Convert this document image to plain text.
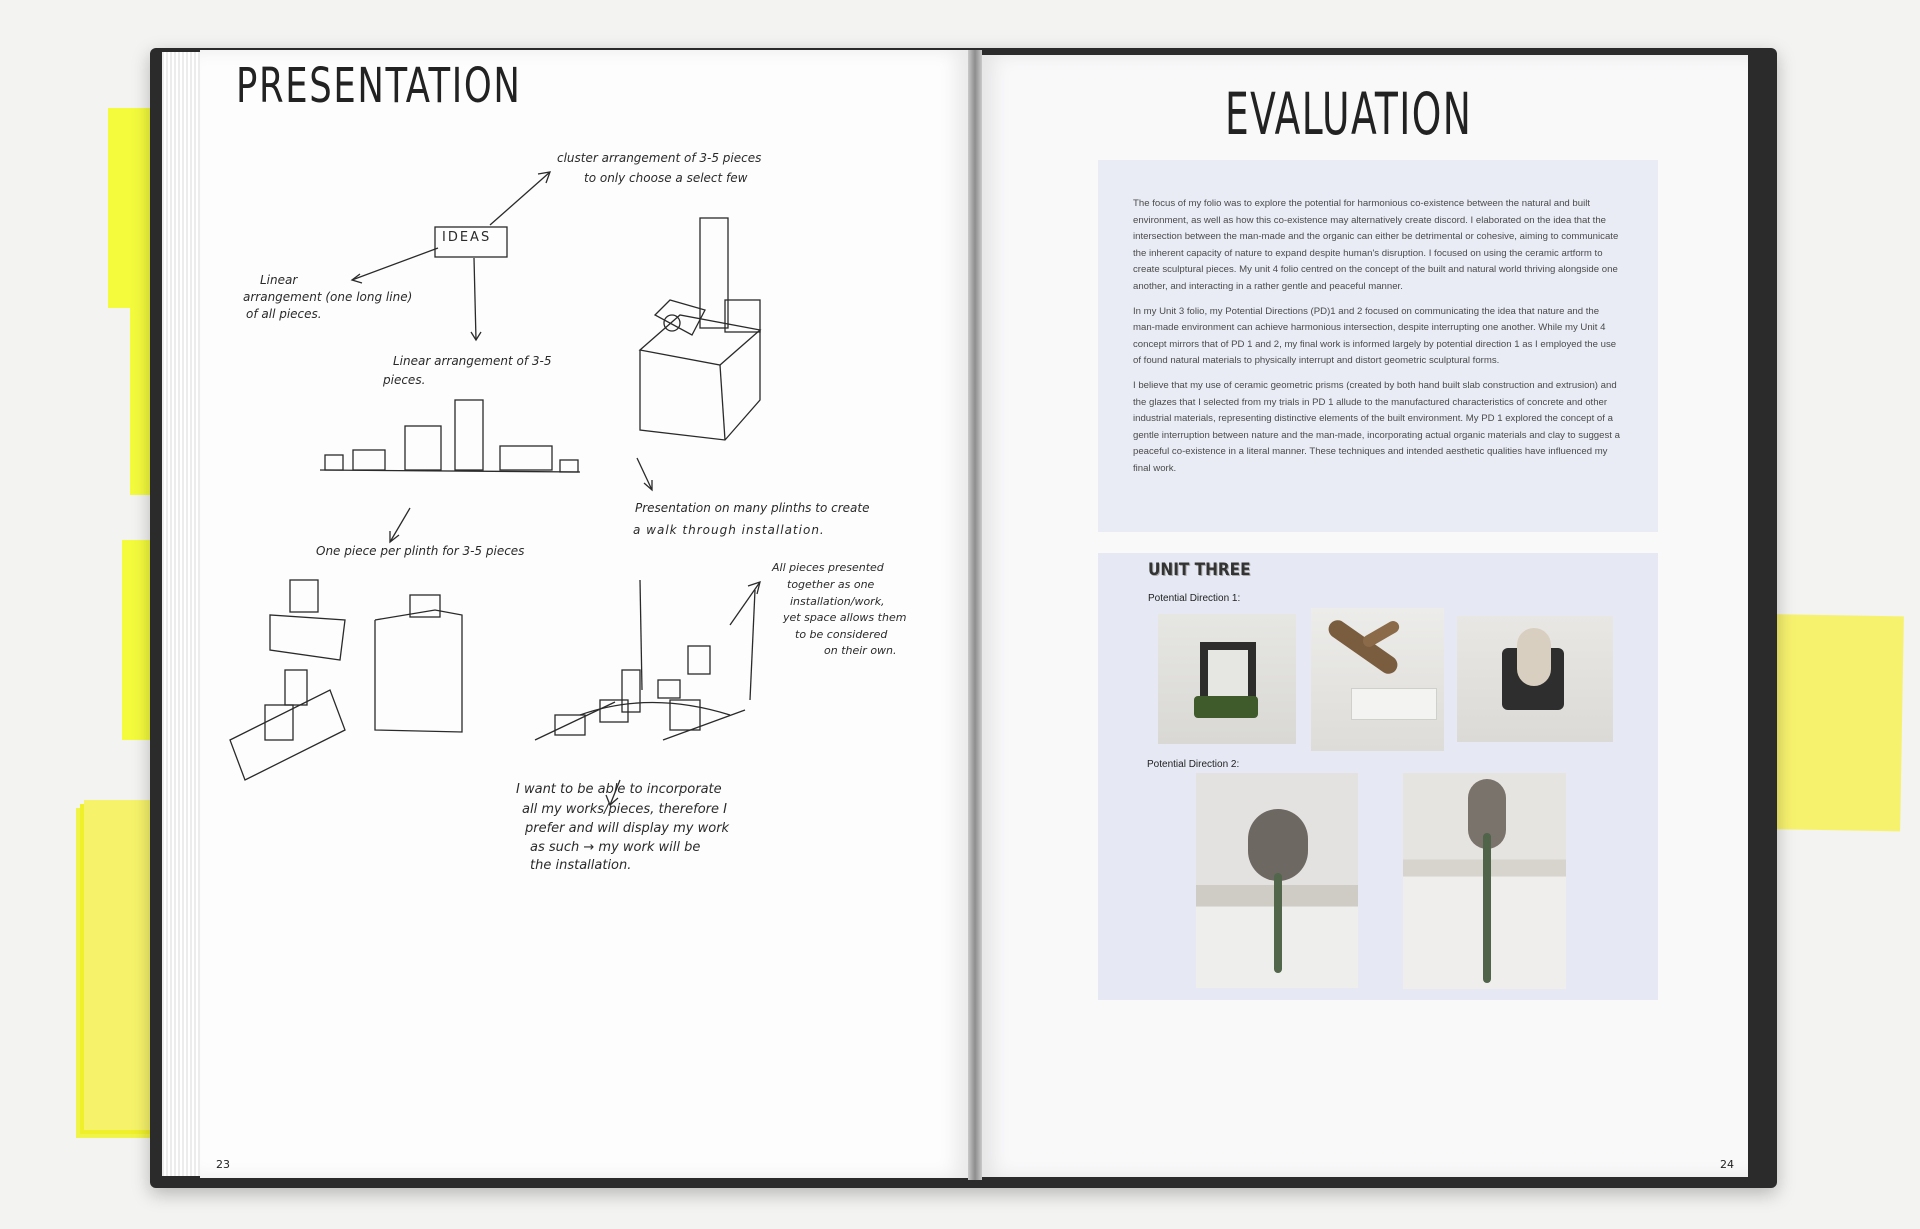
PRESENTATION
cluster arrangement of 3-5 pieces
to only choose a select few
IDEAS
Linear
arrangement (one long line)
of all pieces.
Linear arrangement of 3-5
pieces.
Presentation on many plinths to create
a walk through installation.
One piece per plinth for 3-5 pieces
All pieces presented
together as one
installation/work,
yet space allows them
to be considered
on their own.
I want to be able to incorporate
all my works/pieces, therefore I
prefer and will display my work
as such → my work will be
the installation.
23
EVALUATION

The focus of my folio was to explore the potential for harmonious co-existence between the natural and built environment, as well as how this co-existence may alternatively create discord. I elaborated on the idea that the intersection between the man-made and the organic can either be detrimental or cohesive, aiming to communicate the inherent capacity of nature to expand despite human's disruption. I focused on using the ceramic artform to create sculptural pieces. My unit 4 folio centred on the concept of the built and natural world thriving alongside one another, and interacting in a rather gentle and peaceful manner.

In my Unit 3 folio, my Potential Directions (PD)1 and 2 focused on communicating the idea that nature and the man-made environment can achieve harmonious intersection, despite interrupting one another. While my Unit 4 concept mirrors that of PD 1 and 2, my final work is informed largely by potential direction 1 as I employed the use of found natural materials to physically interrupt and distort geometric sculptural forms.

I believe that my use of ceramic geometric prisms (created by both hand built slab construction and extrusion) and the glazes that I selected from my trials in PD 1 allude to the manufactured characteristics of concrete and other industrial materials, representing distinctive elements of the built environment. My PD 1 explored the concept of a gentle interruption between nature and the man-made, incorporating actual organic materials and clay to suggest a peaceful co-existence in a literal manner. These techniques and intended aesthetic qualities have influenced my final work.

UNIT THREE
Potential Direction 1:
Potential Direction 2:
24
